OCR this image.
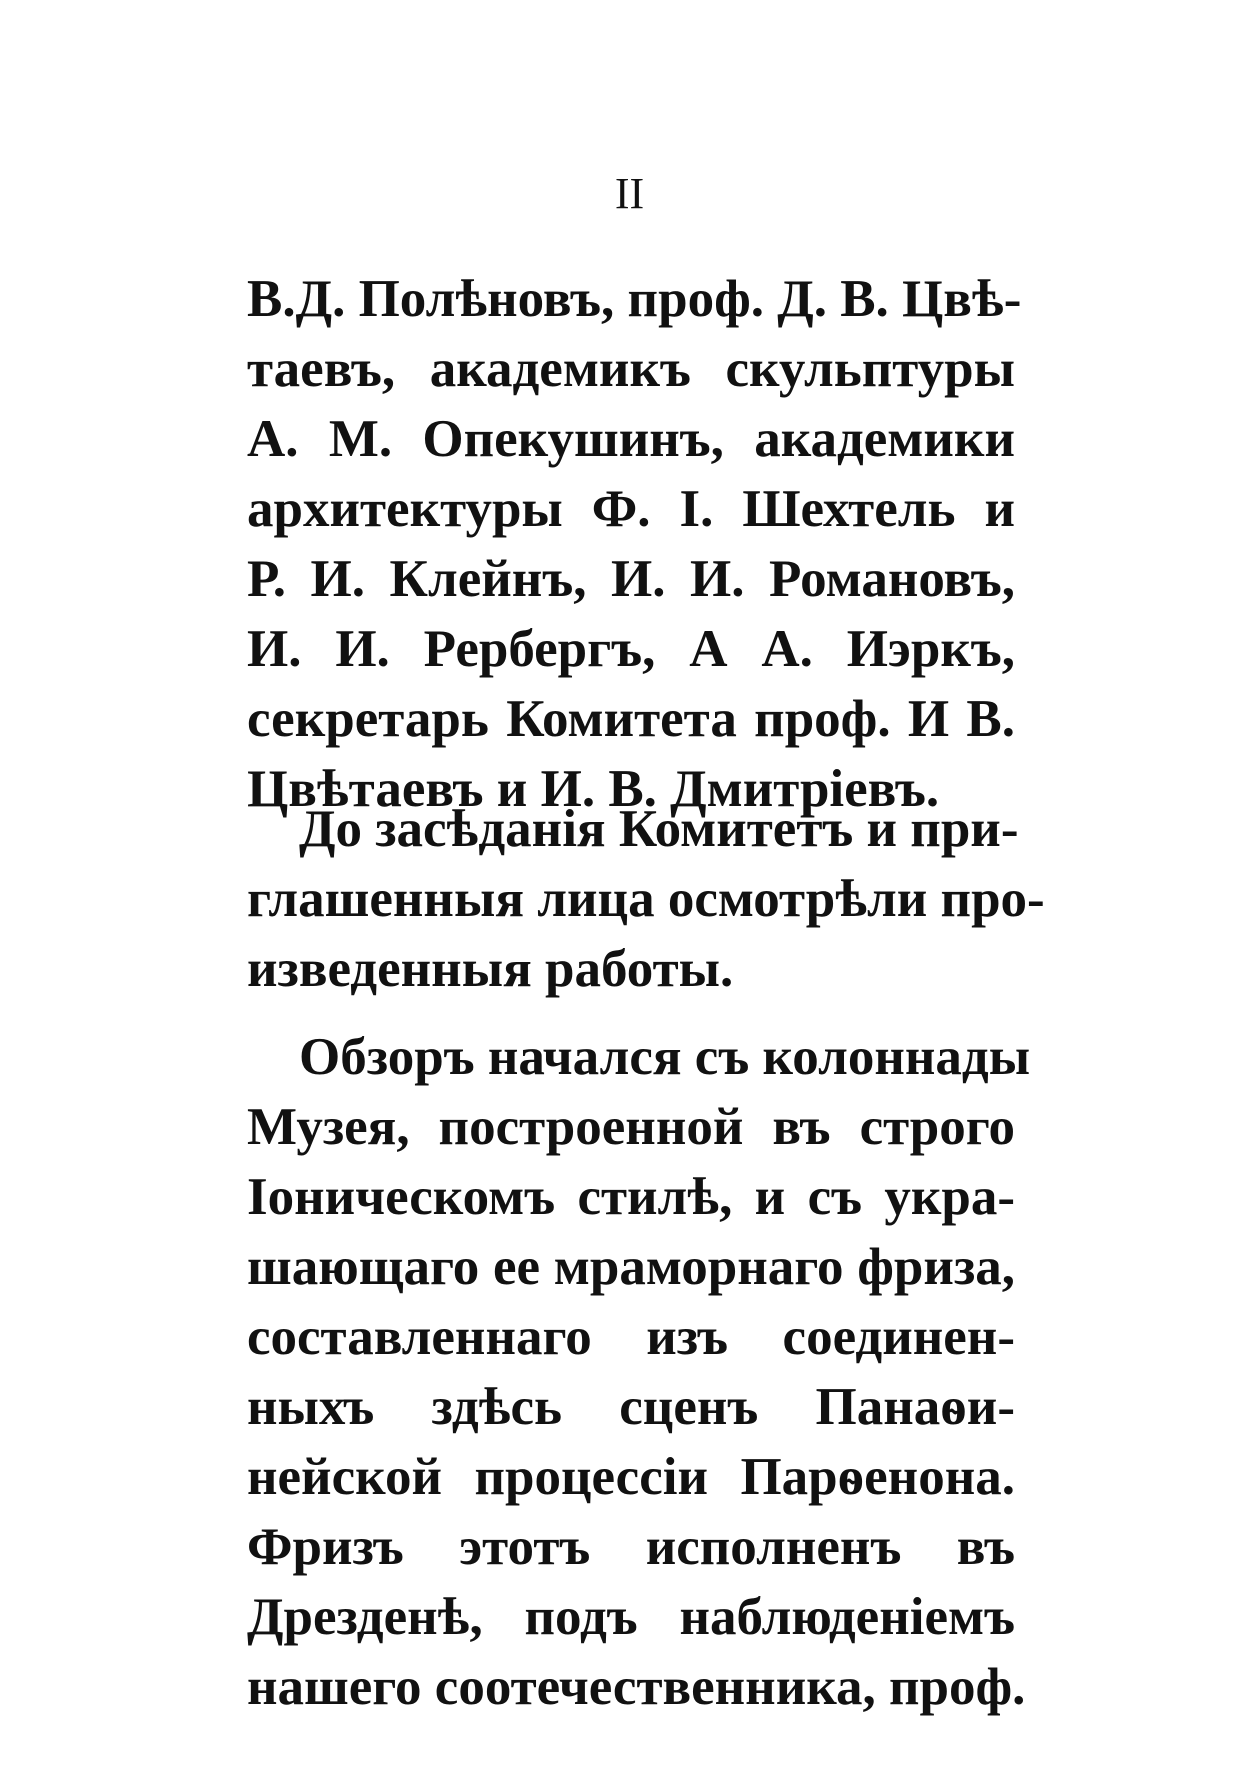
II
В.Д. Полѣновъ, проф. Д. В. Цвѣ-
таевъ, академикъ скульптуры
А. М. Опекушинъ, академики
архитектуры Ф. І. Шехтель и
Р. И. Клейнъ, И. И. Романовъ,
И. И. Рербергъ, А А. Иэркъ,
секретарь Комитета проф. И В.
Цвѣтаевъ и И. В. Дмитріевъ.
До засѣданія Комитетъ и при-
глашенныя лица осмотрѣли про-
изведенныя работы.
Обзоръ начался съ колоннады
Музея, построенной въ строго
Іоническомъ стилѣ, и съ укра-
шающаго ее мраморнаго фриза,
составленнаго изъ соединен-
ныхъ здѣсь сценъ Панаѳи-
нейской процессіи Парѳенона.
Фризъ этотъ исполненъ въ
Дрезденѣ, подъ наблюденіемъ
нашего соотечественника, проф.
